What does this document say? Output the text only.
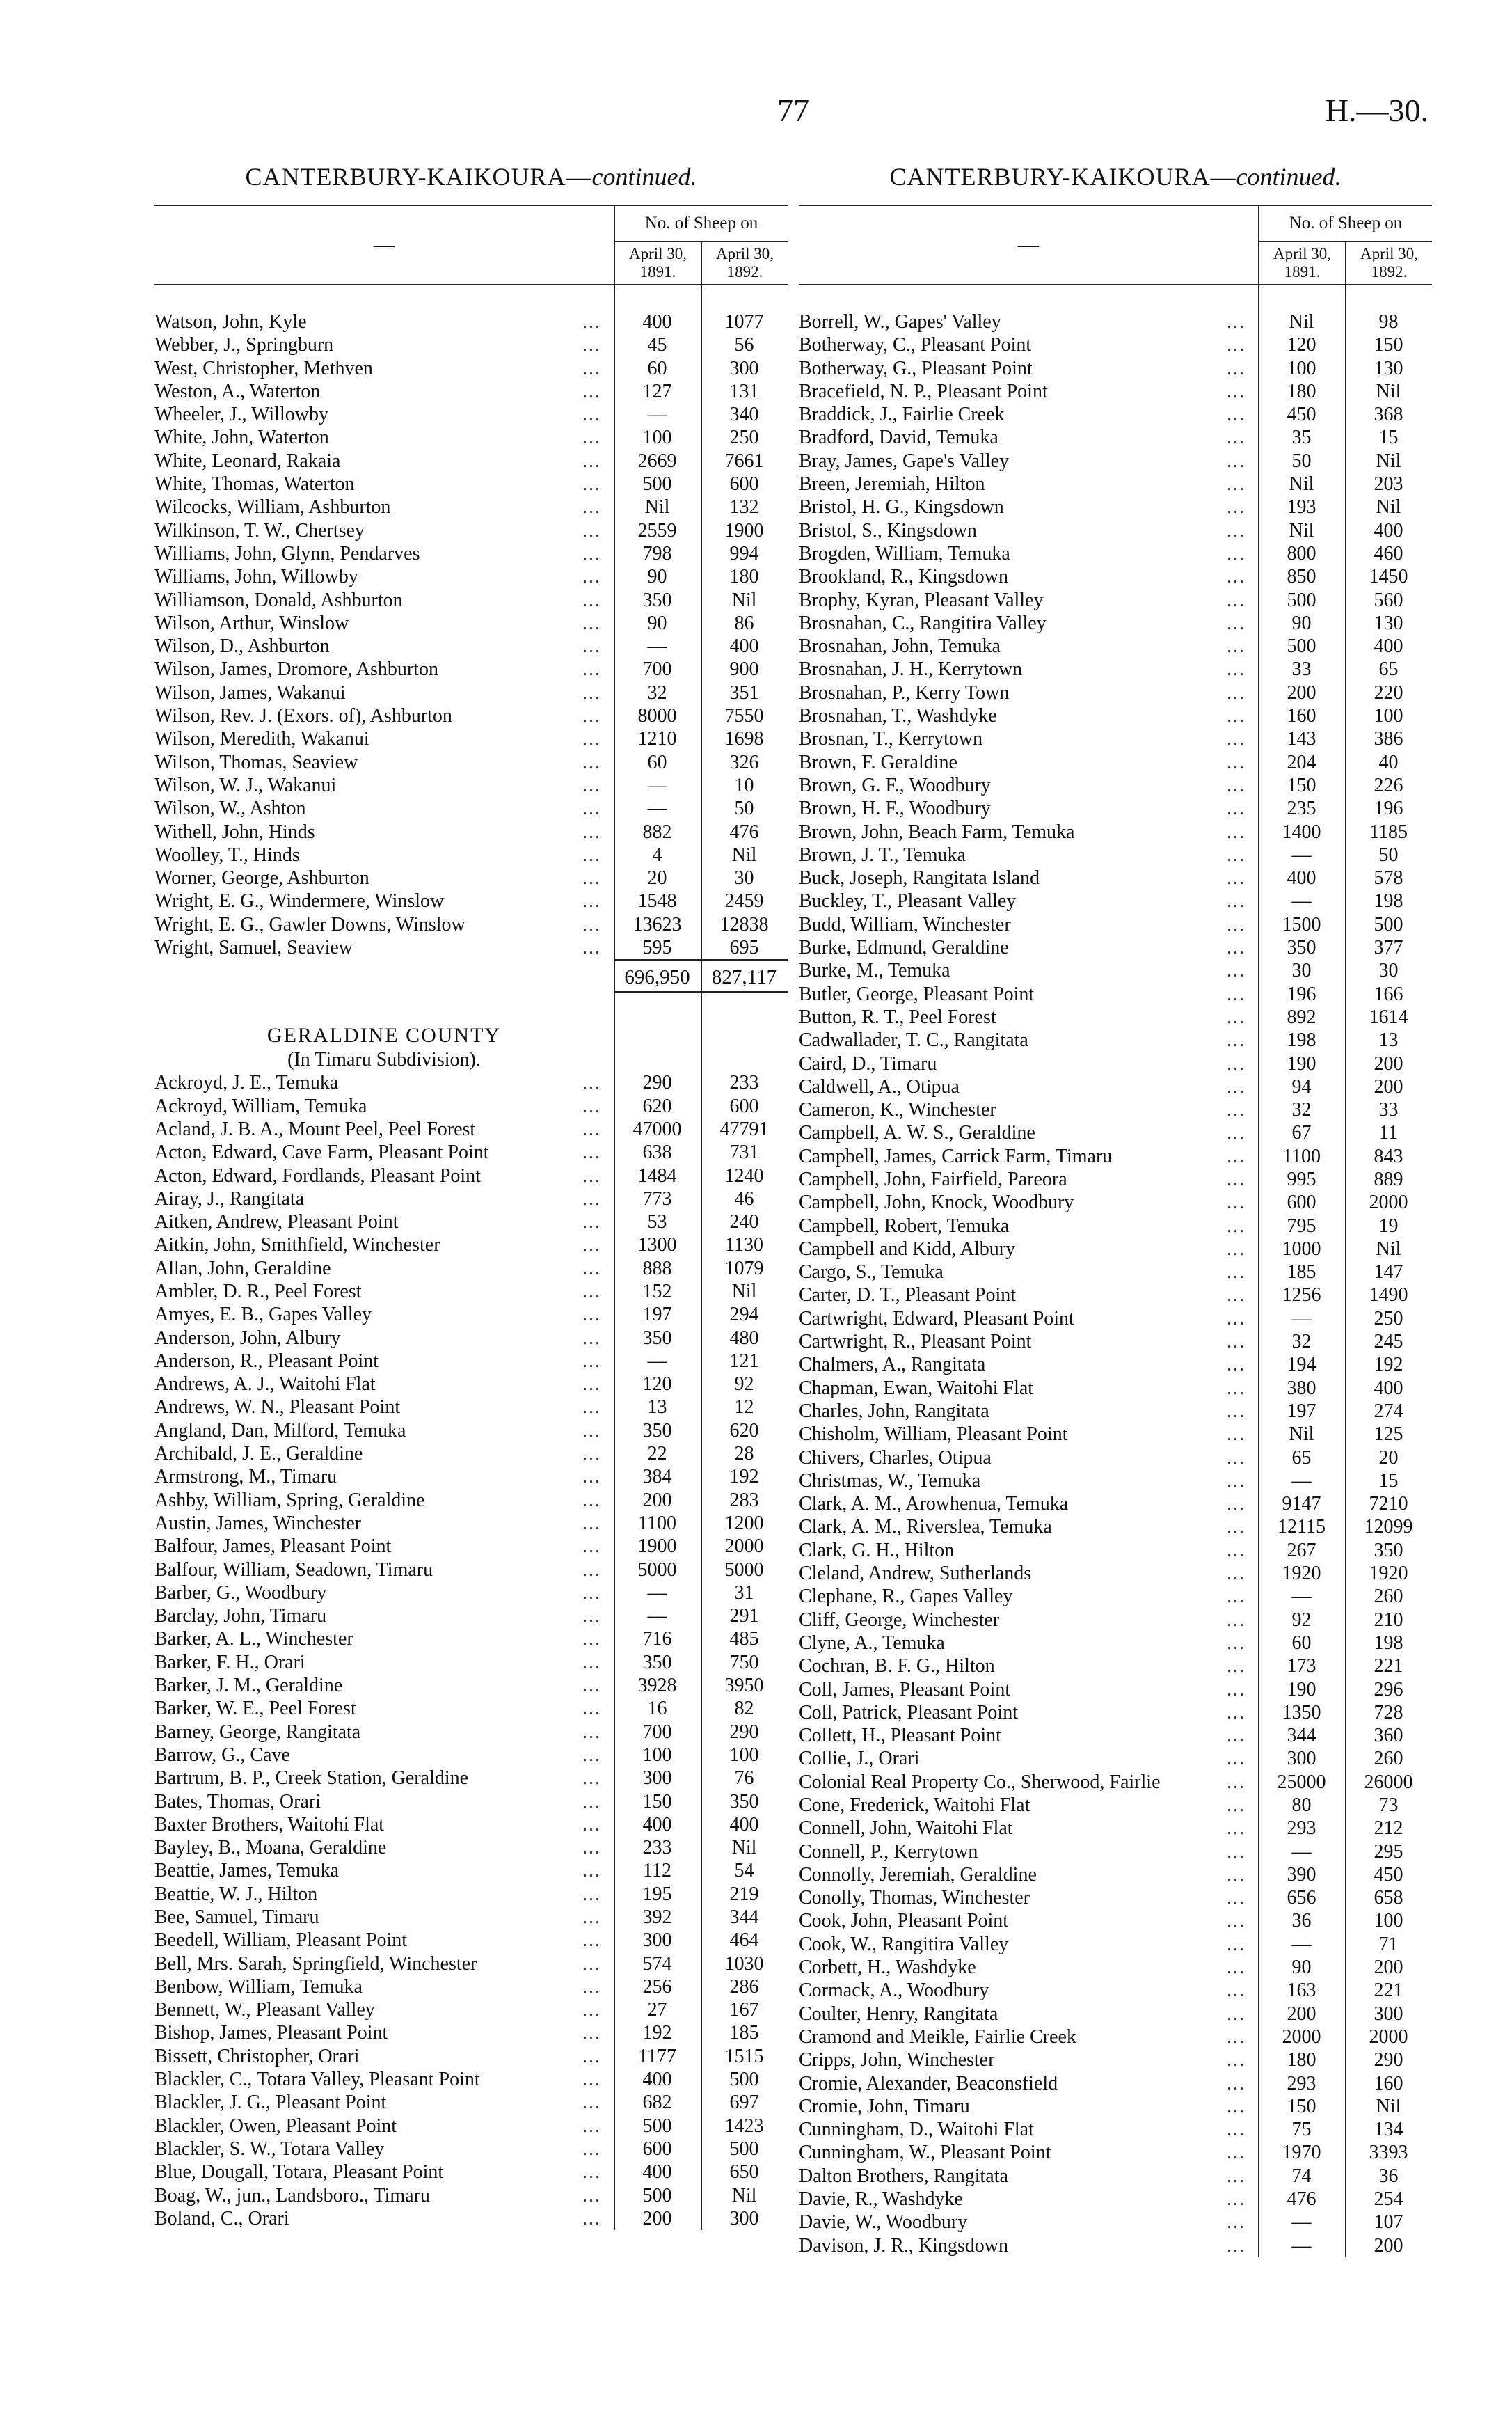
77	H.—30.
CANTERBURY-KAIKOURA—continued.
—
No. of Sheep on
April 30,
1891.
April 30,
1892.
Watson, John, Kyle	...	400	1077
Webber, J., Springburn	...	45	56
West, Christopher, Methven	...	60	300
Weston, A., Waterton	...	127	131
Wheeler, J., Willowby	...	—	340
White, John, Waterton	...	100	250
White, Leonard, Rakaia	...	2669	7661
White, Thomas, Waterton	...	500	600
Wilcocks, William, Ashburton	...	Nil	132
Wilkinson, T. W., Chertsey	...	2559	1900
Williams, John, Glynn, Pendarves	...	798	994
Williams, John, Willowby	...	90	180
Williamson, Donald, Ashburton	...	350	Nil
Wilson, Arthur, Winslow	...	90	86
Wilson, D., Ashburton	...	—	400
Wilson, James, Dromore, Ashburton	...	700	900
Wilson, James, Wakanui	...	32	351
Wilson, Rev. J. (Exors. of), Ashburton	...	8000	7550
Wilson, Meredith, Wakanui	...	1210	1698
Wilson, Thomas, Seaview	...	60	326
Wilson, W. J., Wakanui	...	—	10
Wilson, W., Ashton	...	—	50
Withell, John, Hinds	...	882	476
Woolley, T., Hinds	...	4	Nil
Worner, George, Ashburton	...	20	30
Wright, E. G., Windermere, Winslow	...	1548	2459
Wright, E. G., Gawler Downs, Winslow	...	13623	12838
Wright, Samuel, Seaview	...	595	695
696,950	827,117
GERALDINE COUNTY
(In Timaru Subdivision).
Ackroyd, J. E., Temuka	...	290	233
Ackroyd, William, Temuka	...	620	600
Acland, J. B. A., Mount Peel, Peel Forest	...	47000	47791
Acton, Edward, Cave Farm, Pleasant Point	...	638	731
Acton, Edward, Fordlands, Pleasant Point	...	1484	1240
Airay, J., Rangitata	...	773	46
Aitken, Andrew, Pleasant Point	...	53	240
Aitkin, John, Smithfield, Winchester	...	1300	1130
Allan, John, Geraldine	...	888	1079
Ambler, D. R., Peel Forest	...	152	Nil
Amyes, E. B., Gapes Valley	...	197	294
Anderson, John, Albury	...	350	480
Anderson, R., Pleasant Point	...	—	121
Andrews, A. J., Waitohi Flat	...	120	92
Andrews, W. N., Pleasant Point	...	13	12
Angland, Dan, Milford, Temuka	...	350	620
Archibald, J. E., Geraldine	...	22	28
Armstrong, M., Timaru	...	384	192
Ashby, William, Spring, Geraldine	...	200	283
Austin, James, Winchester	...	1100	1200
Balfour, James, Pleasant Point	...	1900	2000
Balfour, William, Seadown, Timaru	...	5000	5000
Barber, G., Woodbury	...	—	31
Barclay, John, Timaru	...	—	291
Barker, A. L., Winchester	...	716	485
Barker, F. H., Orari	...	350	750
Barker, J. M., Geraldine	...	3928	3950
Barker, W. E., Peel Forest	...	16	82
Barney, George, Rangitata	...	700	290
Barrow, G., Cave	...	100	100
Bartrum, B. P., Creek Station, Geraldine	...	300	76
Bates, Thomas, Orari	...	150	350
Baxter Brothers, Waitohi Flat	...	400	400
Bayley, B., Moana, Geraldine	...	233	Nil
Beattie, James, Temuka	...	112	54
Beattie, W. J., Hilton	...	195	219
Bee, Samuel, Timaru	...	392	344
Beedell, William, Pleasant Point	...	300	464
Bell, Mrs. Sarah, Springfield, Winchester	...	574	1030
Benbow, William, Temuka	...	256	286
Bennett, W., Pleasant Valley	...	27	167
Bishop, James, Pleasant Point	...	192	185
Bissett, Christopher, Orari	...	1177	1515
Blackler, C., Totara Valley, Pleasant Point	...	400	500
Blackler, J. G., Pleasant Point	...	682	697
Blackler, Owen, Pleasant Point	...	500	1423
Blackler, S. W., Totara Valley	...	600	500
Blue, Dougall, Totara, Pleasant Point	...	400	650
Boag, W., jun., Landsboro., Timaru	...	500	Nil
Boland, C., Orari	...	200	300
CANTERBURY-KAIKOURA—continued.
—
No. of Sheep on
April 30,
1891.
April 30,
1892.
Borrell, W., Gapes' Valley	...	Nil	98
Botherway, C., Pleasant Point	...	120	150
Botherway, G., Pleasant Point	...	100	130
Bracefield, N. P., Pleasant Point	...	180	Nil
Braddick, J., Fairlie Creek	...	450	368
Bradford, David, Temuka	...	35	15
Bray, James, Gape's Valley	...	50	Nil
Breen, Jeremiah, Hilton	...	Nil	203
Bristol, H. G., Kingsdown	...	193	Nil
Bristol, S., Kingsdown	...	Nil	400
Brogden, William, Temuka	...	800	460
Brookland, R., Kingsdown	...	850	1450
Brophy, Kyran, Pleasant Valley	...	500	560
Brosnahan, C., Rangitira Valley	...	90	130
Brosnahan, John, Temuka	...	500	400
Brosnahan, J. H., Kerrytown	...	33	65
Brosnahan, P., Kerry Town	...	200	220
Brosnahan, T., Washdyke	...	160	100
Brosnan, T., Kerrytown	...	143	386
Brown, F. Geraldine	...	204	40
Brown, G. F., Woodbury	...	150	226
Brown, H. F., Woodbury	...	235	196
Brown, John, Beach Farm, Temuka	...	1400	1185
Brown, J. T., Temuka	...	—	50
Buck, Joseph, Rangitata Island	...	400	578
Buckley, T., Pleasant Valley	...	—	198
Budd, William, Winchester	...	1500	500
Burke, Edmund, Geraldine	...	350	377
Burke, M., Temuka	...	30	30
Butler, George, Pleasant Point	...	196	166
Button, R. T., Peel Forest	...	892	1614
Cadwallader, T. C., Rangitata	...	198	13
Caird, D., Timaru	...	190	200
Caldwell, A., Otipua	...	94	200
Cameron, K., Winchester	...	32	33
Campbell, A. W. S., Geraldine	...	67	11
Campbell, James, Carrick Farm, Timaru	...	1100	843
Campbell, John, Fairfield, Pareora	...	995	889
Campbell, John, Knock, Woodbury	...	600	2000
Campbell, Robert, Temuka	...	795	19
Campbell and Kidd, Albury	...	1000	Nil
Cargo, S., Temuka	...	185	147
Carter, D. T., Pleasant Point	...	1256	1490
Cartwright, Edward, Pleasant Point	...	—	250
Cartwright, R., Pleasant Point	...	32	245
Chalmers, A., Rangitata	...	194	192
Chapman, Ewan, Waitohi Flat	...	380	400
Charles, John, Rangitata	...	197	274
Chisholm, William, Pleasant Point	...	Nil	125
Chivers, Charles, Otipua	...	65	20
Christmas, W., Temuka	...	—	15
Clark, A. M., Arowhenua, Temuka	...	9147	7210
Clark, A. M., Riverslea, Temuka	...	12115	12099
Clark, G. H., Hilton	...	267	350
Cleland, Andrew, Sutherlands	...	1920	1920
Clephane, R., Gapes Valley	...	—	260
Cliff, George, Winchester	...	92	210
Clyne, A., Temuka	...	60	198
Cochran, B. F. G., Hilton	...	173	221
Coll, James, Pleasant Point	...	190	296
Coll, Patrick, Pleasant Point	...	1350	728
Collett, H., Pleasant Point	...	344	360
Collie, J., Orari	...	300	260
Colonial Real Property Co., Sherwood, Fairlie	...	25000	26000
Cone, Frederick, Waitohi Flat	...	80	73
Connell, John, Waitohi Flat	...	293	212
Connell, P., Kerrytown	...	—	295
Connolly, Jeremiah, Geraldine	...	390	450
Conolly, Thomas, Winchester	...	656	658
Cook, John, Pleasant Point	...	36	100
Cook, W., Rangitira Valley	...	—	71
Corbett, H., Washdyke	...	90	200
Cormack, A., Woodbury	...	163	221
Coulter, Henry, Rangitata	...	200	300
Cramond and Meikle, Fairlie Creek	...	2000	2000
Cripps, John, Winchester	...	180	290
Cromie, Alexander, Beaconsfield	...	293	160
Cromie, John, Timaru	...	150	Nil
Cunningham, D., Waitohi Flat	...	75	134
Cunningham, W., Pleasant Point	...	1970	3393
Dalton Brothers, Rangitata	...	74	36
Davie, R., Washdyke	...	476	254
Davie, W., Woodbury	...	—	107
Davison, J. R., Kingsdown	...	—	200
